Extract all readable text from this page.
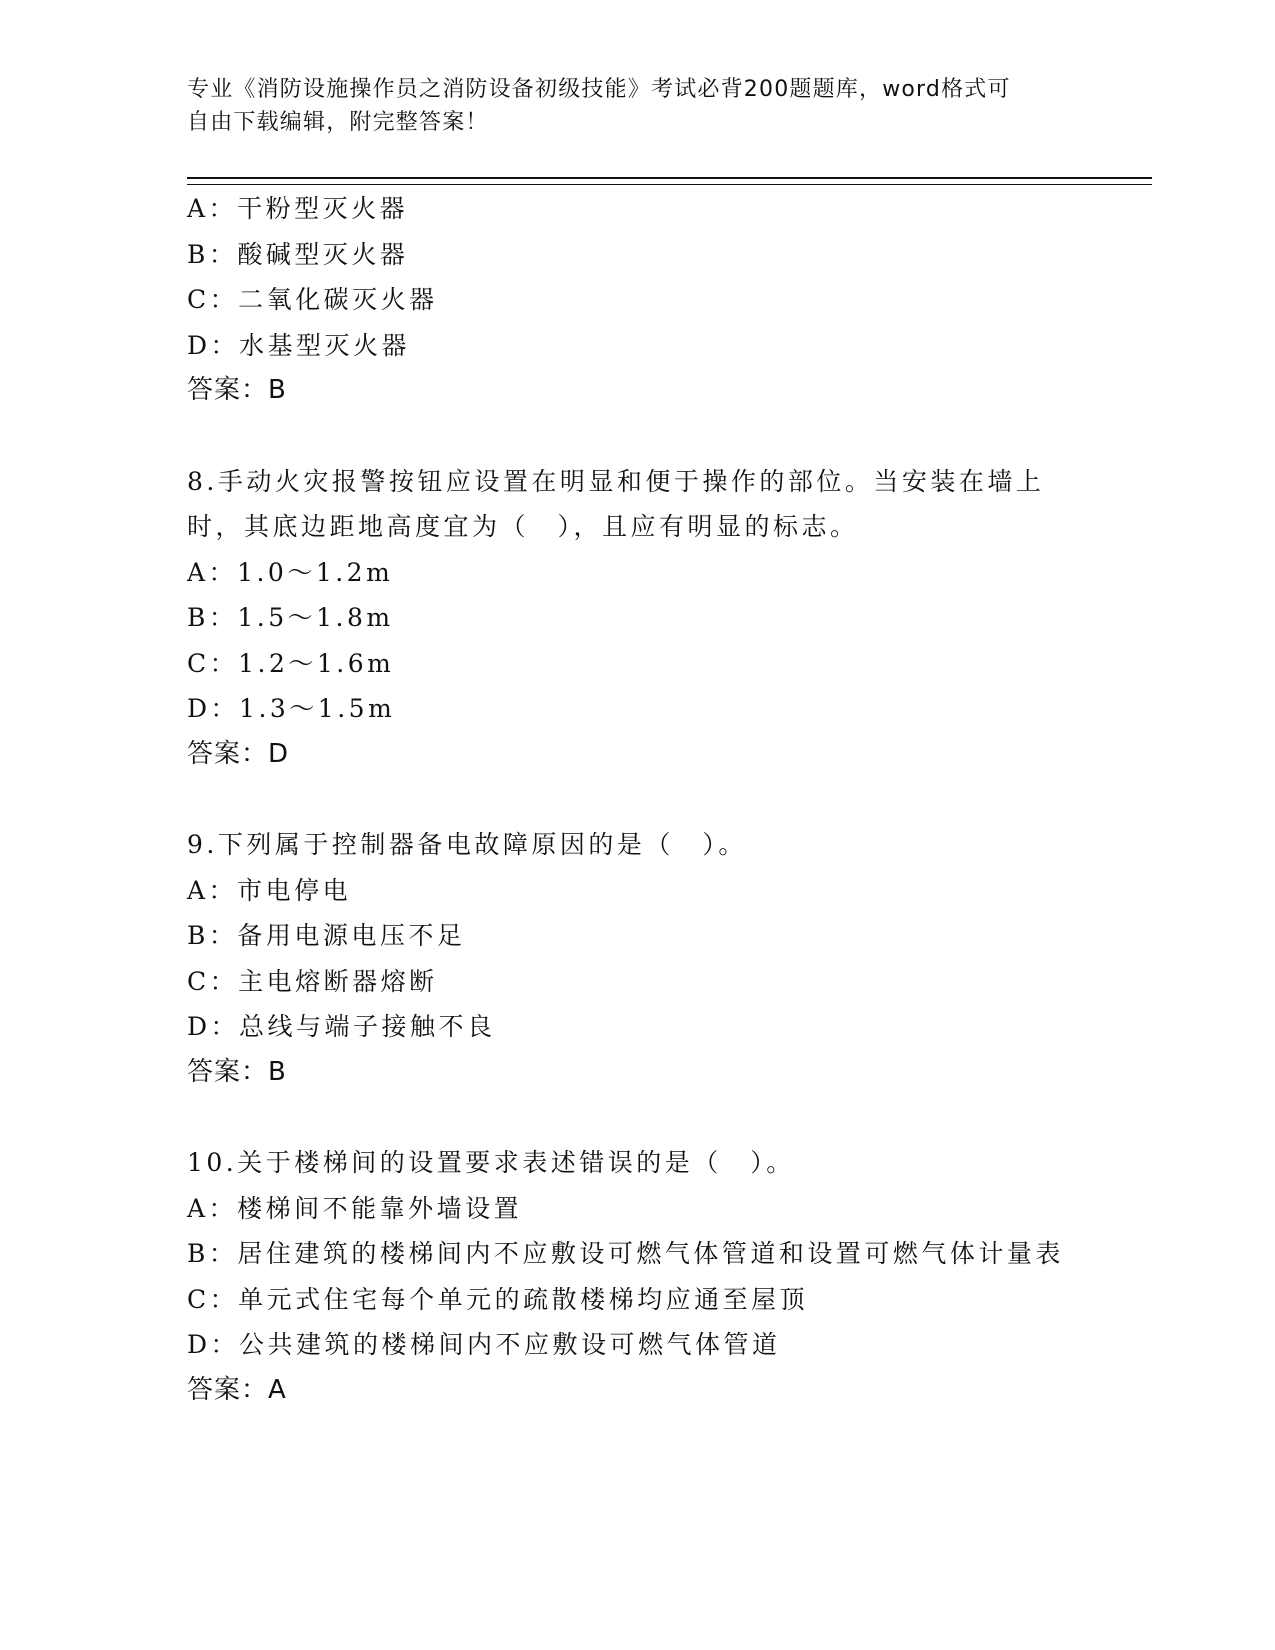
专业《消防设施操作员之消防设备初级技能》考试必背200题题库，word格式可
自由下载编辑，附完整答案！
A：干粉型灭火器
B：酸碱型灭火器
C：二氧化碳灭火器
D：水基型灭火器
答案：B
8.手动火灾报警按钮应设置在明显和便于操作的部位。当安装在墙上
时，其底边距地高度宜为（　），且应有明显的标志。
A：1.0～1.2m
B：1.5～1.8m
C：1.2～1.6m
D：1.3～1.5m
答案：D
9.下列属于控制器备电故障原因的是（　）。
A：市电停电
B：备用电源电压不足
C：主电熔断器熔断
D：总线与端子接触不良
答案：B
10.关于楼梯间的设置要求表述错误的是（　）。
A：楼梯间不能靠外墙设置
B：居住建筑的楼梯间内不应敷设可燃气体管道和设置可燃气体计量表
C：单元式住宅每个单元的疏散楼梯均应通至屋顶
D：公共建筑的楼梯间内不应敷设可燃气体管道
答案：A
